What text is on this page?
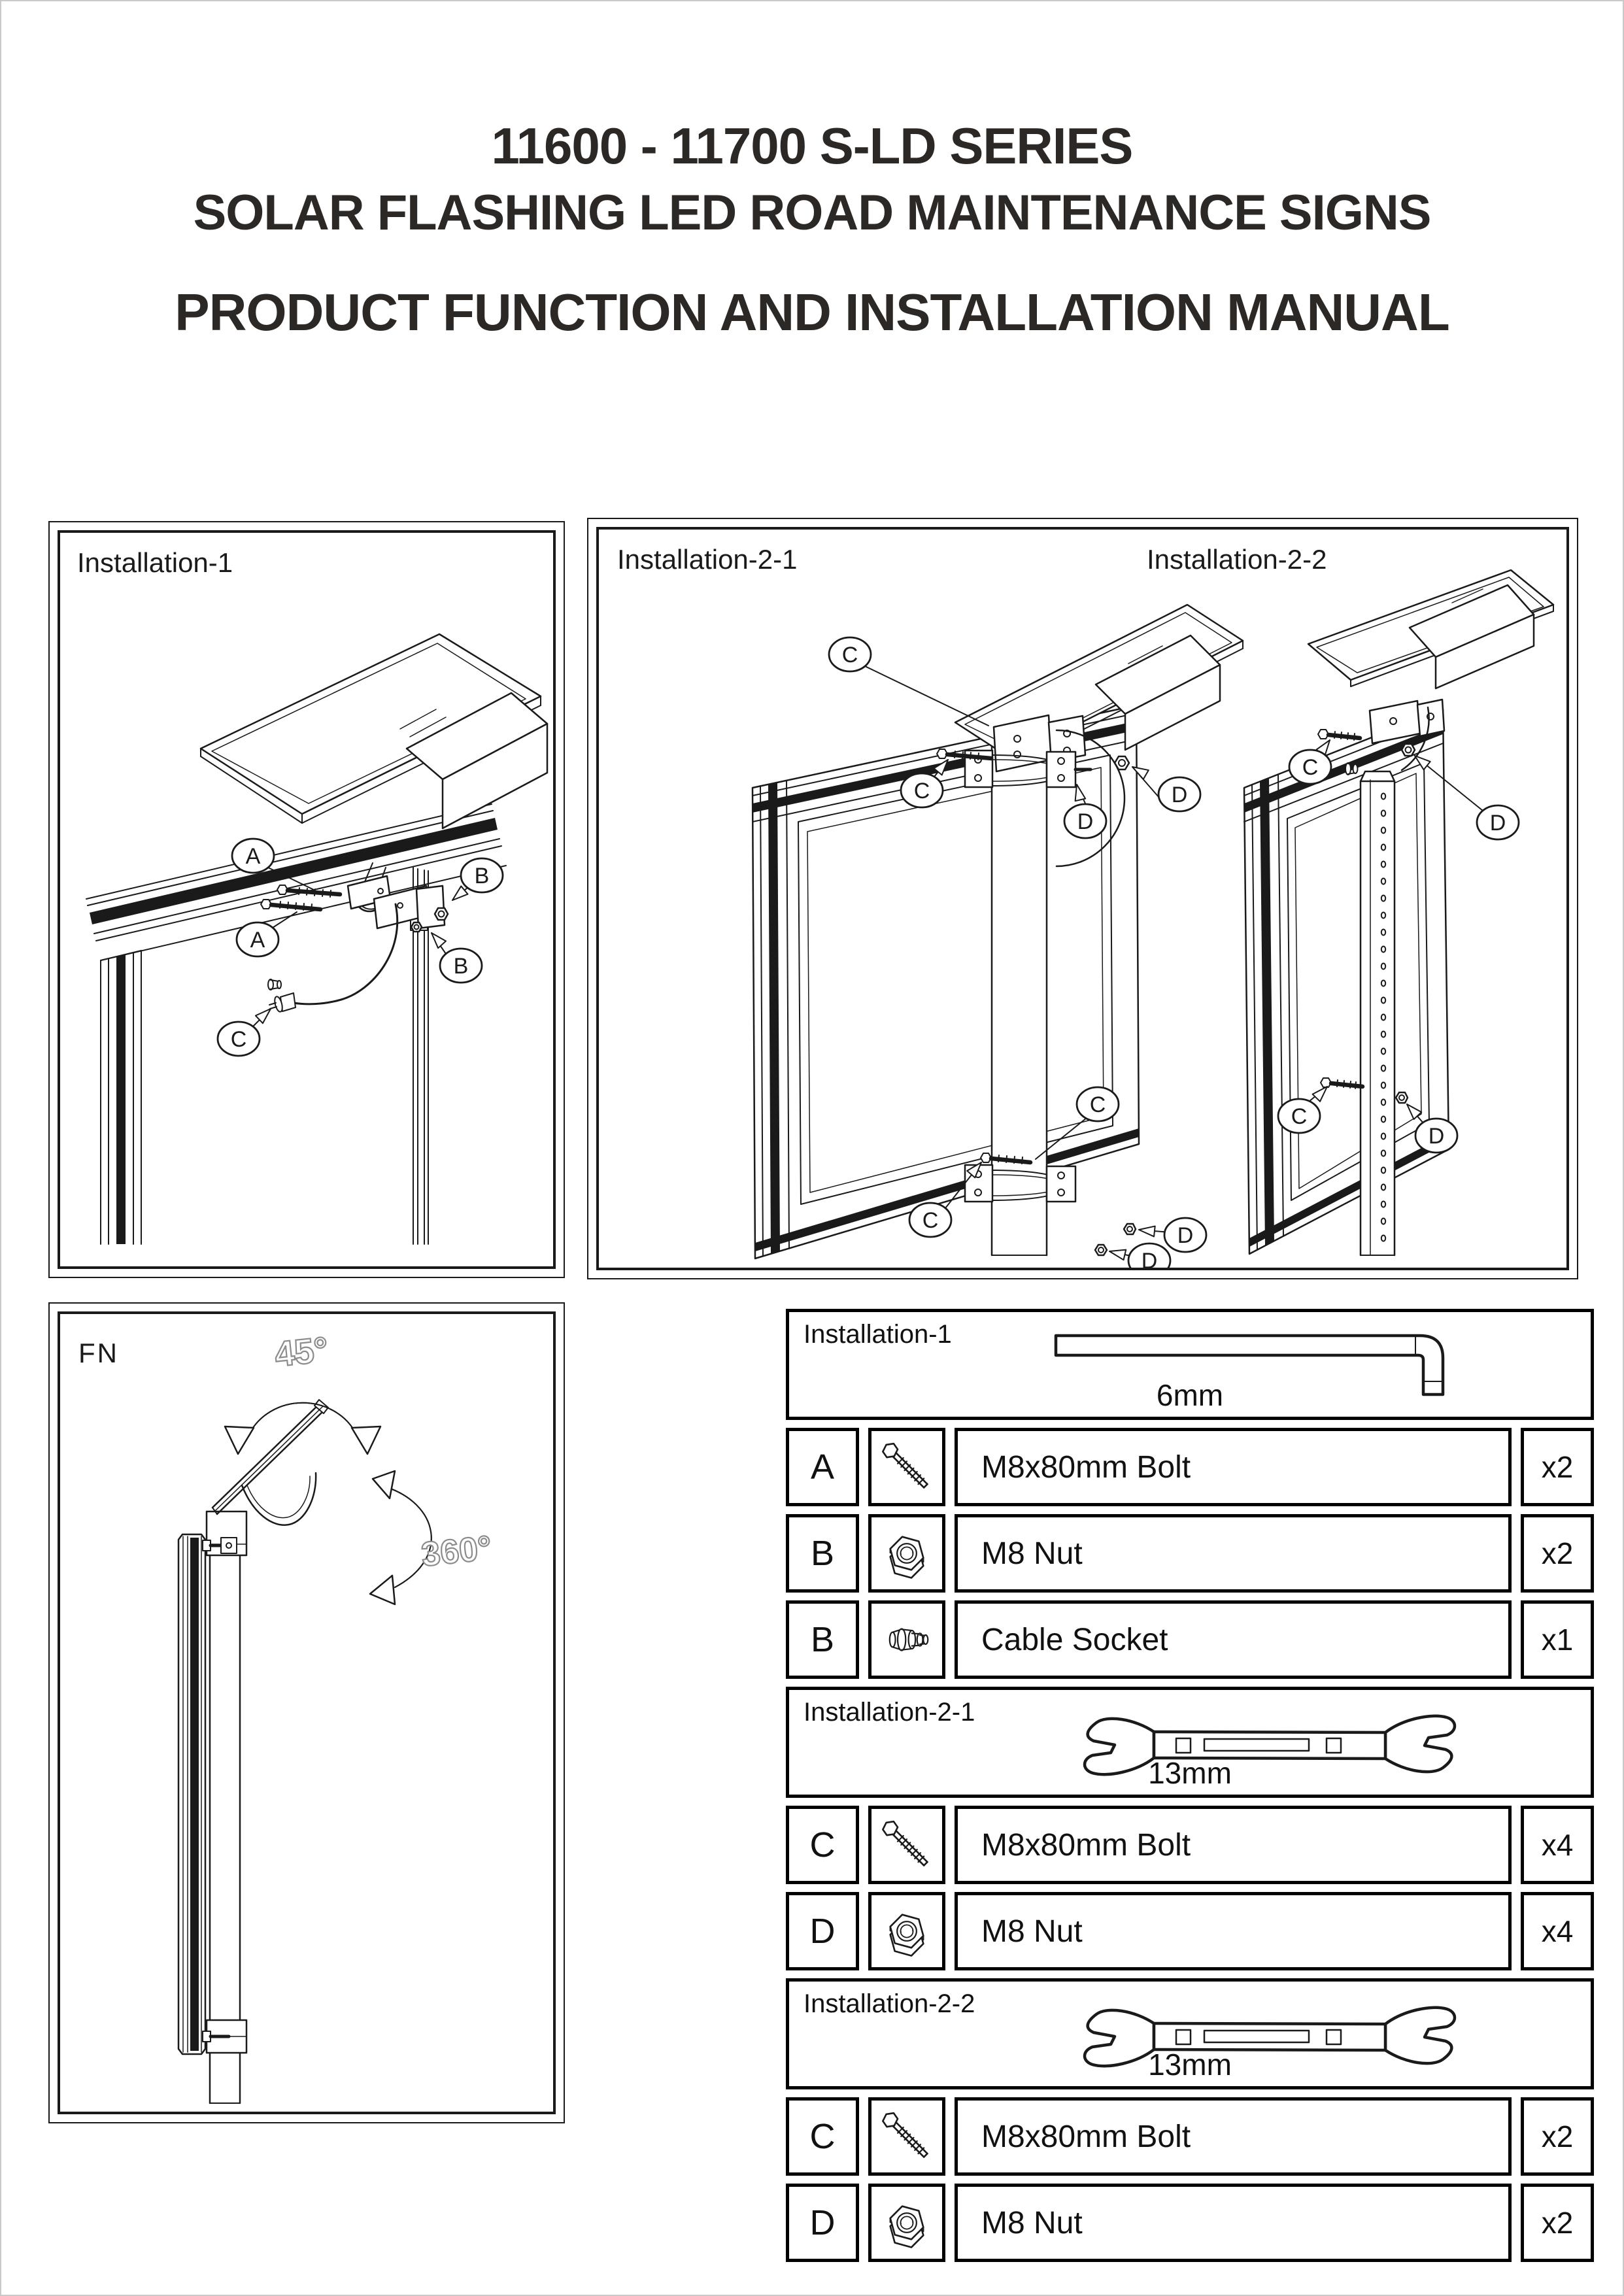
11600 - 11700 S-LD SERIES
SOLAR FLASHING LED ROAD MAINTENANCE SIGNS
PRODUCT FUNCTION AND INSTALLATION MANUAL
Installation-1
A
A
B
B
C
Installation-2-1	Installation-2-2
C
C
D
D
C
C
D
D
C
D
C
D
FN	45°
360°
Installation-1
6mm
A	M8x80mm Bolt	x2
B	M8 Nut	x2
B	Cable Socket	x1
Installation-2-1
13mm
C	M8x80mm Bolt	x4
D	M8 Nut	x4
Installation-2-2
13mm
C	M8x80mm Bolt	x2
D	M8 Nut	x2
